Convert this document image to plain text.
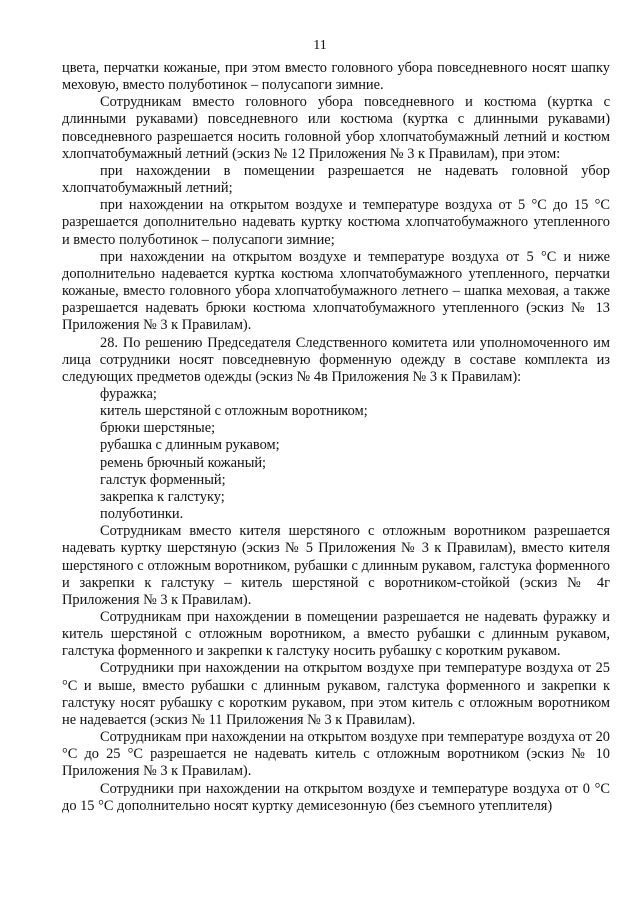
11

цвета, перчатки кожаные, при этом вместо головного убора повседневного носят шапку меховую, вместо полуботинок – полусапоги зимние.

Сотрудникам вместо головного убора повседневного и костюма (куртка с длинными рукавами) повседневного или костюма (куртка с длинными рукавами) повседневного разрешается носить головной убор хлопчатобумажный летний и костюм хлопчатобумажный летний (эскиз № 12 Приложения № 3 к Правилам), при этом:

при нахождении в помещении разрешается не надевать головной убор хлопчатобумажный летний;

при нахождении на открытом воздухе и температуре воздуха от 5 °С до 15 °С разрешается дополнительно надевать куртку костюма хлопчатобумажного утепленного и вместо полуботинок – полусапоги зимние;

при нахождении на открытом воздухе и температуре воздуха от 5 °С и ниже дополнительно надевается куртка костюма хлопчатобумажного утепленного, перчатки кожаные, вместо головного убора хлопчатобумажного летнего – шапка меховая, а также разрешается надевать брюки костюма хлопчатобумажного утепленного (эскиз № 13 Приложения № 3 к Правилам).

28. По решению Председателя Следственного комитета или уполномоченного им лица сотрудники носят повседневную форменную одежду в составе комплекта из следующих предметов одежды (эскиз № 4в Приложения № 3 к Правилам):

фуражка;
китель шерстяной с отложным воротником;
брюки шерстяные;
рубашка с длинным рукавом;
ремень брючный кожаный;
галстук форменный;
закрепка к галстуку;
полуботинки.

Сотрудникам вместо кителя шерстяного с отложным воротником разрешается надевать куртку шерстяную (эскиз № 5 Приложения № 3 к Правилам), вместо кителя шерстяного с отложным воротником, рубашки с длинным рукавом, галстука форменного и закрепки к галстуку – китель шерстяной с воротником-стойкой (эскиз № 4г Приложения № 3 к Правилам).

Сотрудникам при нахождении в помещении разрешается не надевать фуражку и китель шерстяной с отложным воротником, а вместо рубашки с длинным рукавом, галстука форменного и закрепки к галстуку носить рубашку с коротким рукавом.

Сотрудники при нахождении на открытом воздухе при температуре воздуха от 25 °С и выше, вместо рубашки с длинным рукавом, галстука форменного и закрепки к галстуку носят рубашку с коротким рукавом, при этом китель с отложным воротником не надевается (эскиз № 11 Приложения № 3 к Правилам).

Сотрудникам при нахождении на открытом воздухе при температуре воздуха от 20 °С до 25 °С разрешается не надевать китель с отложным воротником (эскиз № 10 Приложения № 3 к Правилам).

Сотрудники при нахождении на открытом воздухе и температуре воздуха от 0 °С до 15 °С дополнительно носят куртку демисезонную (без съемного утеплителя)
